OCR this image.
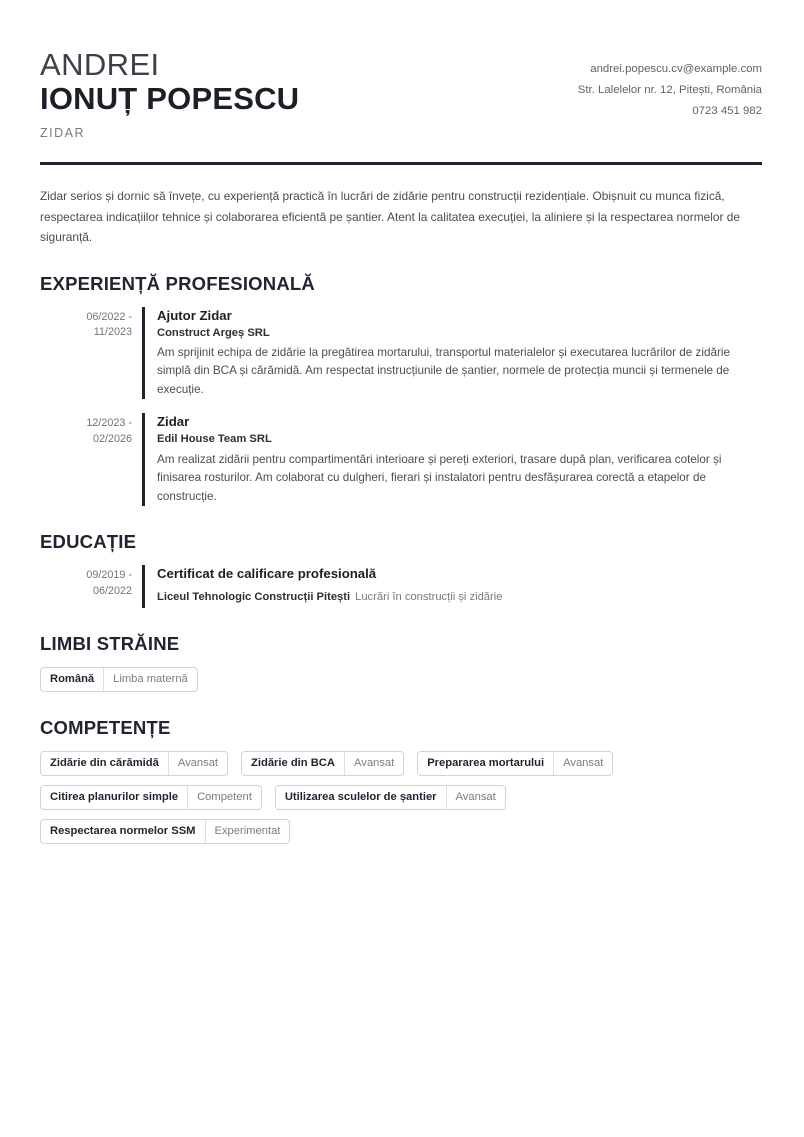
ANDREI
IONUȚ POPESCU
ZIDAR
andrei.popescu.cv@example.com
Str. Lalelelor nr. 12, Pitești, România
0723 451 982
Zidar serios și dornic să învețe, cu experiență practică în lucrări de zidărie pentru construcții rezidențiale. Obișnuit cu munca fizică, respectarea indicațiilor tehnice și colaborarea eficientă pe șantier. Atent la calitatea execuției, la aliniere și la respectarea normelor de siguranță.
EXPERIENȚĂ PROFESIONALĂ
06/2022 -
11/2023
Ajutor Zidar
Construct Argeș SRL
Am sprijinit echipa de zidărie la pregătirea mortarului, transportul materialelor și executarea lucrărilor de zidărie simplă din BCA și cărămidă. Am respectat instrucțiunile de șantier, normele de protecția muncii și termenele de execuție.
12/2023 -
02/2026
Zidar
Edil House Team SRL
Am realizat zidării pentru compartimentări interioare și pereți exteriori, trasare după plan, verificarea cotelor și finisarea rosturilor. Am colaborat cu dulgheri, fierari și instalatori pentru desfășurarea corectă a etapelor de construcție.
EDUCAȚIE
09/2019 -
06/2022
Certificat de calificare profesională
Liceul Tehnologic Construcții Pitești Lucrări în construcții și zidărie
LIMBI STRĂINE
Română	Limba maternă
COMPETENȚE
Zidărie din cărămidă	Avansat	Zidărie din BCA	Avansat	Prepararea mortarului	Avansat
Citirea planurilor simple	Competent	Utilizarea sculelor de șantier	Avansat
Respectarea normelor SSM	Experimentat
